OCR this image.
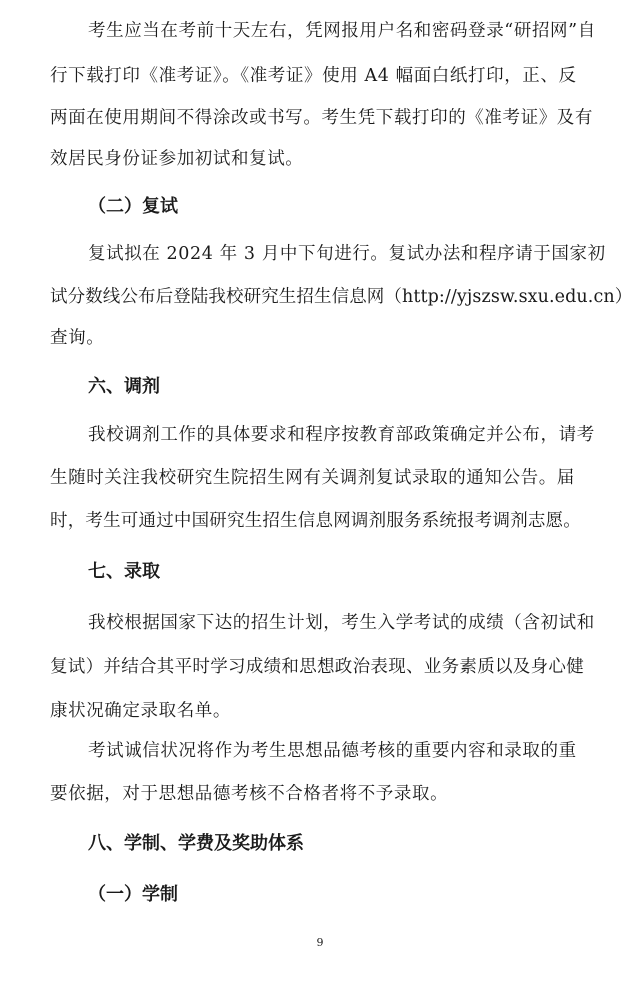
考生应当在考前十天左右，凭网报用户名和密码登录“研招网”自
行下载打印《准考证》。《准考证》使用 A4 幅面白纸打印，正、反
两面在使用期间不得涂改或书写。考生凭下载打印的《准考证》及有
效居民身份证参加初试和复试。
（二）复试
复试拟在 2024 年 3 月中下旬进行。复试办法和程序请于国家初
试分数线公布后登陆我校研究生招生信息网（http://yjszsw.sxu.edu.cn）
查询。
六、调剂
我校调剂工作的具体要求和程序按教育部政策确定并公布，请考
生随时关注我校研究生院招生网有关调剂复试录取的通知公告。届
时，考生可通过中国研究生招生信息网调剂服务系统报考调剂志愿。
七、录取
我校根据国家下达的招生计划，考生入学考试的成绩（含初试和
复试）并结合其平时学习成绩和思想政治表现、业务素质以及身心健
康状况确定录取名单。
考试诚信状况将作为考生思想品德考核的重要内容和录取的重
要依据，对于思想品德考核不合格者将不予录取。
八、学制、学费及奖助体系
（一）学制
9
